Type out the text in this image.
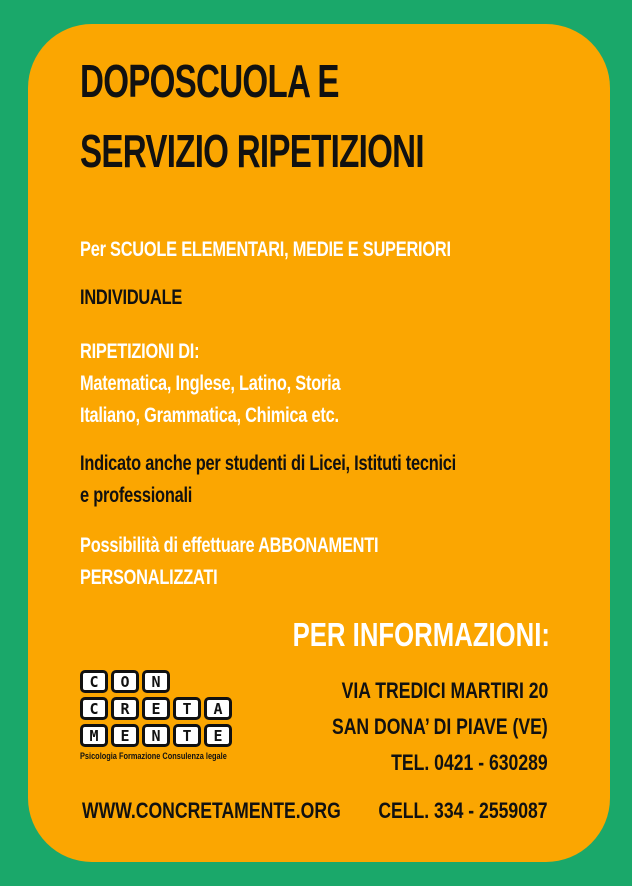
DOPOSCUOLA E
SERVIZIO RIPETIZIONI
Per SCUOLE ELEMENTARI, MEDIE E SUPERIORI
INDIVIDUALE
RIPETIZIONI DI:
Matematica, Inglese, Latino, Storia
Italiano, Grammatica, Chimica etc.
Indicato anche per studenti di Licei, Istituti tecnici
e professionali
Possibilità di effettuare ABBONAMENTI
PERSONALIZZATI
PER INFORMAZIONI:
VIA TREDICI MARTIRI 20
SAN DONA’ DI PIAVE (VE)
TEL. 0421 - 630289
CELL. 334 - 2559087
WWW.CONCRETAMENTE.ORG
C	O	N
C	R	E	T	A
M	E	N	T	E
Psicologia Formazione Consulenza legale
